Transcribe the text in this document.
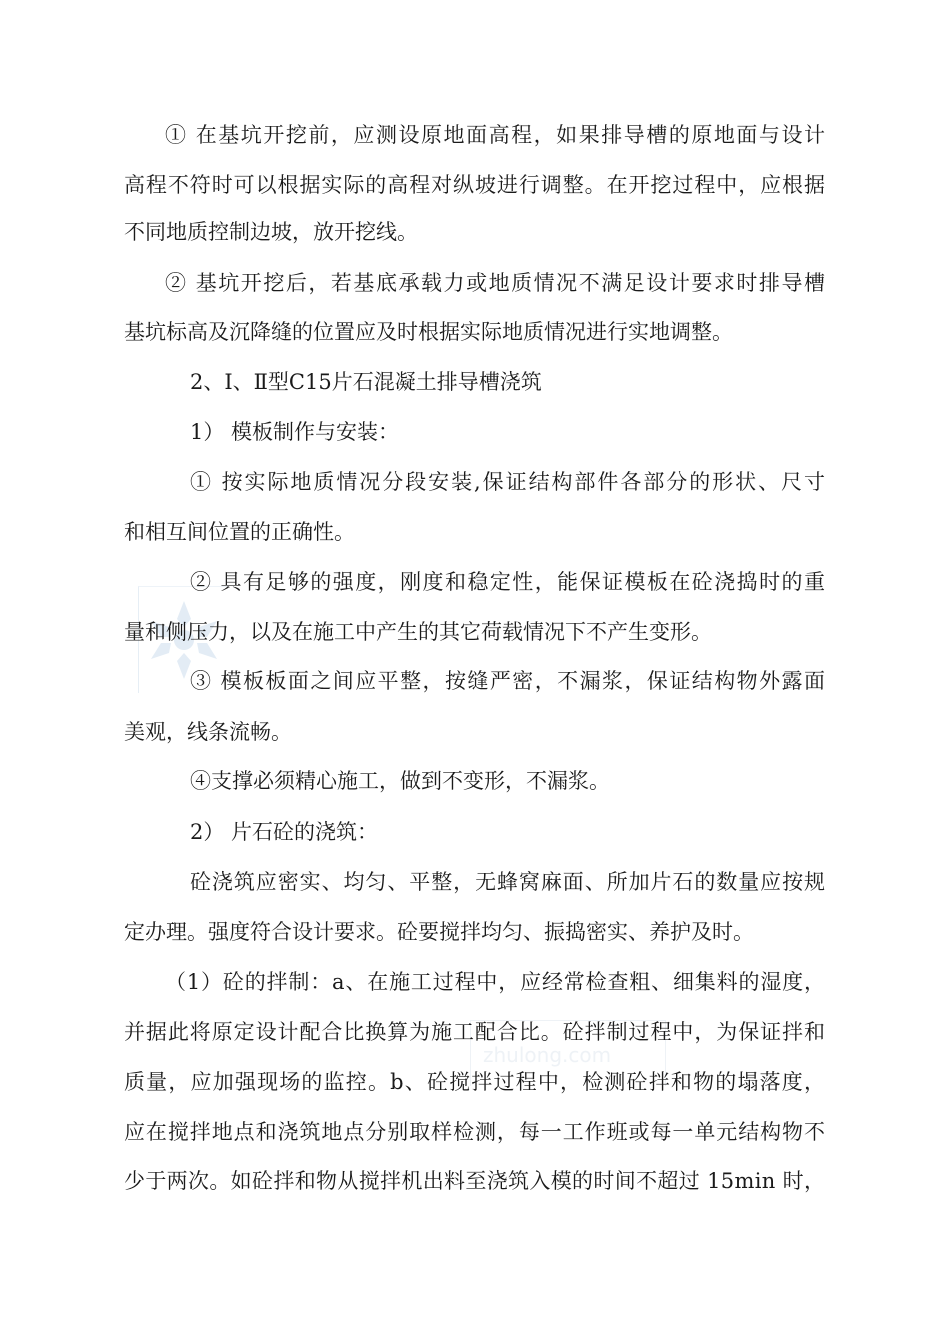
zhulong.com
① 在基坑开挖前，应测设原地面高程，如果排导槽的原地面与设计
高程不符时可以根据实际的高程对纵坡进行调整。在开挖过程中，应根据
不同地质控制边坡，放开挖线。
② 基坑开挖后，若基底承载力或地质情况不满足设计要求时排导槽
基坑标高及沉降缝的位置应及时根据实际地质情况进行实地调整。
2、Ⅰ、Ⅱ型C15片石混凝土排导槽浇筑
1） 模板制作与安装：
① 按实际地质情况分段安装,保证结构部件各部分的形状、尺寸
和相互间位置的正确性。
② 具有足够的强度，刚度和稳定性，能保证模板在砼浇捣时的重
量和侧压力，以及在施工中产生的其它荷载情况下不产生变形。
③ 模板板面之间应平整，按缝严密，不漏浆，保证结构物外露面
美观，线条流畅。
④支撑必须精心施工，做到不变形，不漏浆。
2） 片石砼的浇筑：
砼浇筑应密实、均匀、平整，无蜂窝麻面、所加片石的数量应按规
定办理。强度符合设计要求。砼要搅拌均匀、振捣密实、养护及时。
（1）砼的拌制：a、在施工过程中，应经常检查粗、细集料的湿度，
并据此将原定设计配合比换算为施工配合比。砼拌制过程中，为保证拌和
质量，应加强现场的监控。b、砼搅拌过程中，检测砼拌和物的塌落度，
应在搅拌地点和浇筑地点分别取样检测，每一工作班或每一单元结构物不
少于两次。如砼拌和物从搅拌机出料至浇筑入模的时间不超过 15min 时，
